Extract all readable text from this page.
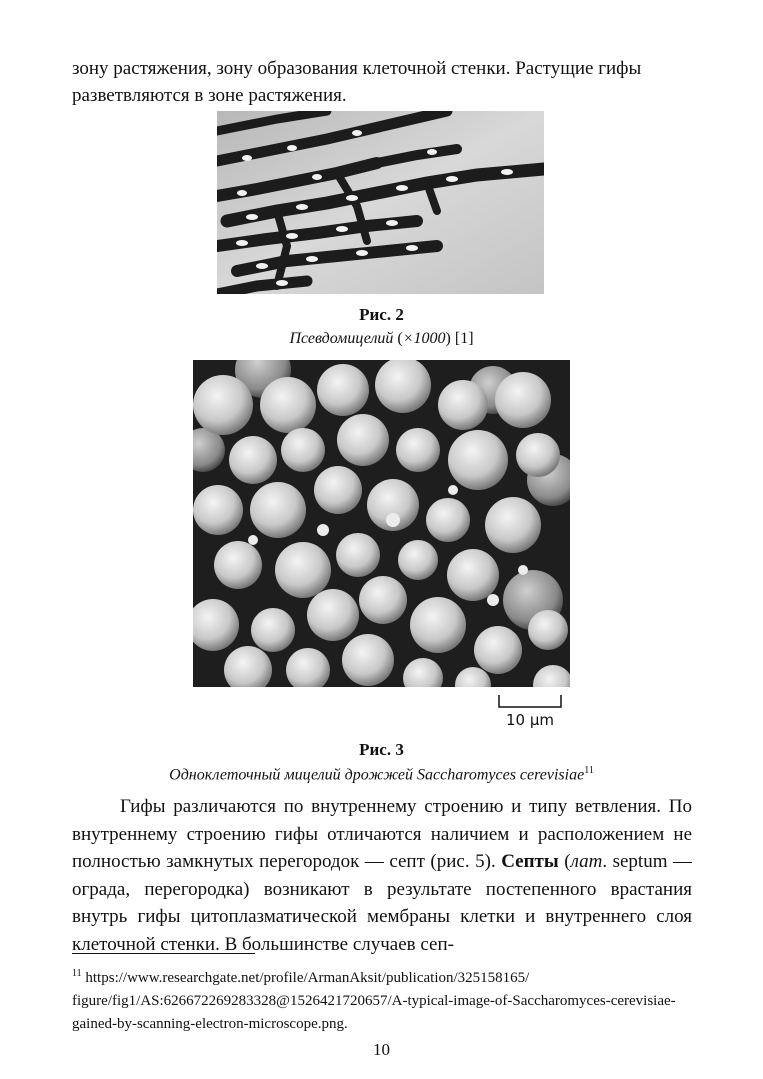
зону растяжения, зону образования клеточной стенки. Растущие гифы разветвляются в зоне растяжения.
Рис. 2
Псевдомицелий (×1000) [1]
10 µm
Рис. 3
Одноклеточный мицелий дрожжей Saccharomyces cerevisiae$^{11}$
Гифы различаются по внутреннему строению и типу ветвления. По внутреннему строению гифы отличаются наличием и расположением не полностью замкнутых перегородок — септ (рис. 5). Септы (лат. septum — ограда, перегородка) возникают в результате постепенного врастания внутрь гифы цитоплазматической мембраны клетки и внутреннего слоя клеточной стенки. В большинстве случаев сеп-
$^{11}$ https://www.researchgate.net/profile/ArmanAksit/publication/325158165/ figure/fig1/AS:626672269283328@1526421720657/A-typical-image-of-Saccharomyces-cerevisiae-gained-by-scanning-electron-microscope.png.
10
